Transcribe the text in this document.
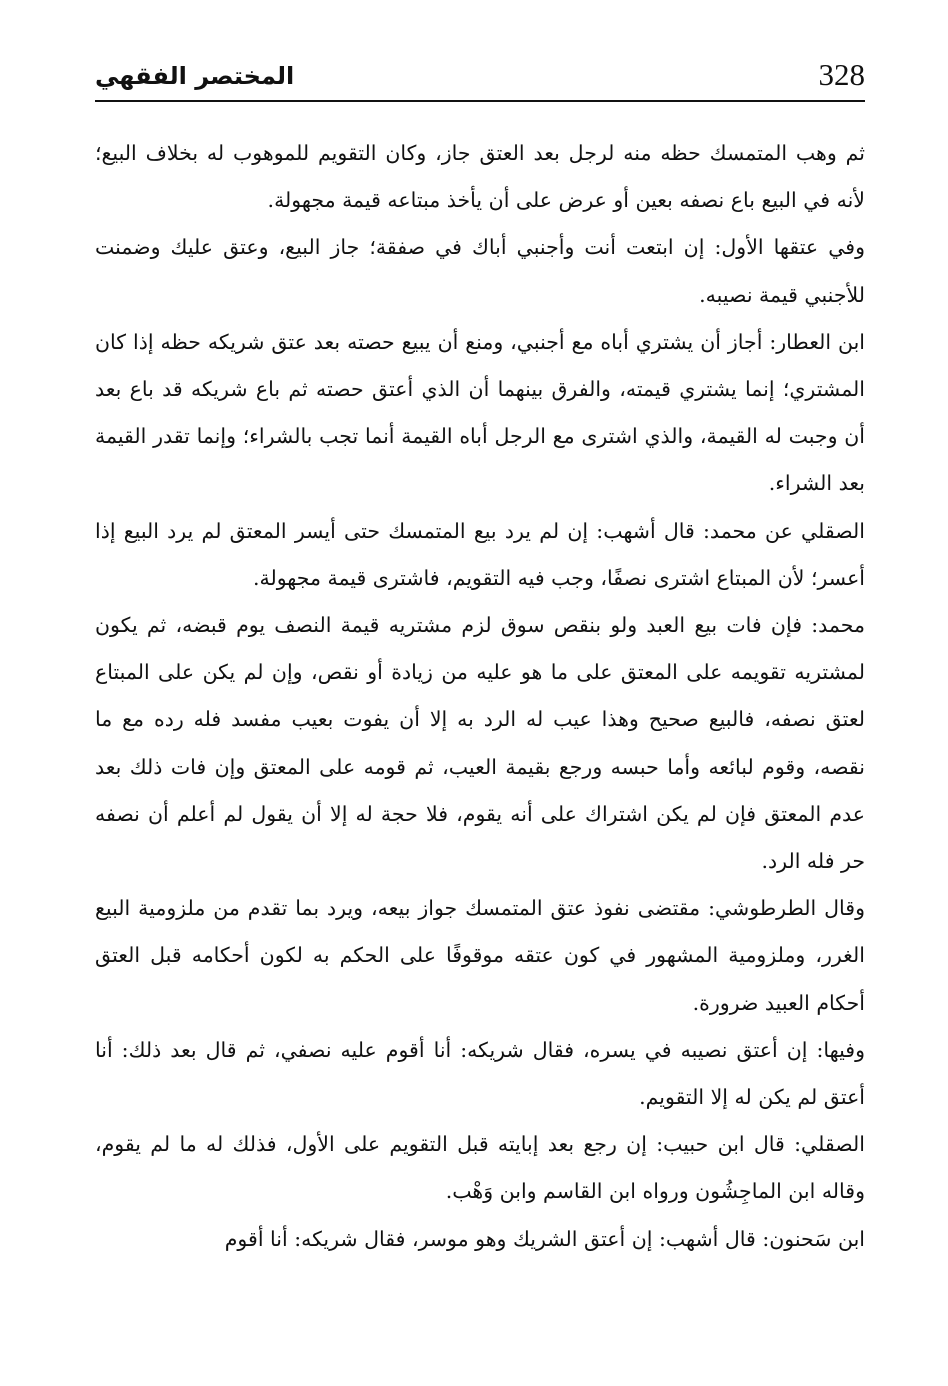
328
المختصر الفقهي

ثم وهب المتمسك حظه منه لرجل بعد العتق جاز، وكان التقويم للموهوب له بخلاف البيع؛ لأنه في البيع باع نصفه بعين أو عرض على أن يأخذ مبتاعه قيمة مجهولة.

وفي عتقها الأول: إن ابتعت أنت وأجنبي أباك في صفقة؛ جاز البيع، وعتق عليك وضمنت للأجنبي قيمة نصيبه.

ابن العطار: أجاز أن يشتري أباه مع أجنبي، ومنع أن يبيع حصته بعد عتق شريكه حظه إذا كان المشتري؛ إنما يشتري قيمته، والفرق بينهما أن الذي أعتق حصته ثم باع شريكه قد باع بعد أن وجبت له القيمة، والذي اشترى مع الرجل أباه القيمة أنما تجب بالشراء؛ وإنما تقدر القيمة بعد الشراء.

الصقلي عن محمد: قال أشهب: إن لم يرد بيع المتمسك حتى أيسر المعتق لم يرد البيع إذا أعسر؛ لأن المبتاع اشترى نصفًا، وجب فيه التقويم، فاشترى قيمة مجهولة.

محمد: فإن فات بيع العبد ولو بنقص سوق لزم مشتريه قيمة النصف يوم قبضه، ثم يكون لمشتريه تقويمه على المعتق على ما هو عليه من زيادة أو نقص، وإن لم يكن على المبتاع لعتق نصفه، فالبيع صحيح وهذا عيب له الرد به إلا أن يفوت بعيب مفسد فله رده مع ما نقصه، وقوم لبائعه وأما حبسه ورجع بقيمة العيب، ثم قومه على المعتق وإن فات ذلك بعد عدم المعتق فإن لم يكن اشتراك على أنه يقوم، فلا حجة له إلا أن يقول لم أعلم أن نصفه حر فله الرد.

وقال الطرطوشي: مقتضى نفوذ عتق المتمسك جواز بيعه، ويرد بما تقدم من ملزومية البيع الغرر، وملزومية المشهور في كون عتقه موقوفًا على الحكم به لكون أحكامه قبل العتق أحكام العبيد ضرورة.

وفيها: إن أعتق نصيبه في يسره، فقال شريكه: أنا أقوم عليه نصفي، ثم قال بعد ذلك: أنا أعتق لم يكن له إلا التقويم.

الصقلي: قال ابن حبيب: إن رجع بعد إبايته قبل التقويم على الأول، فذلك له ما لم يقوم، وقاله ابن الماجِشُون ورواه ابن القاسم وابن وَهْب.

ابن سَحنون: قال أشهب: إن أعتق الشريك وهو موسر، فقال شريكه: أنا أقوم
